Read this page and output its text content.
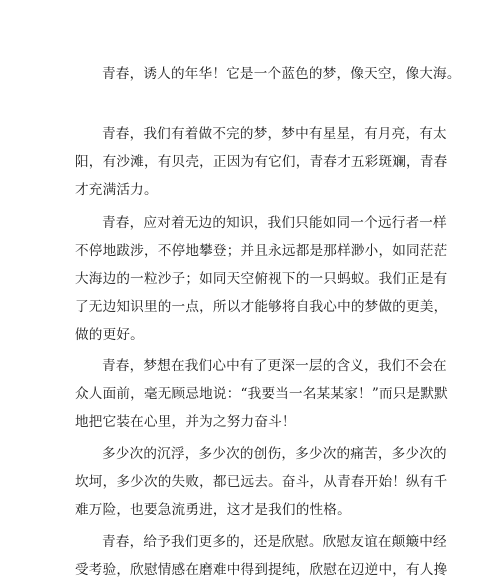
青春，诱人的年华！它是一个蓝色的梦，像天空，像大海。

青春，我们有着做不完的梦，梦中有星星，有月亮，有太
阳，有沙滩，有贝壳，正因为有它们，青春才五彩斑斓，青春
才充满活力。

青春，应对着无边的知识，我们只能如同一个远行者一样
不停地跋涉，不停地攀登；并且永远都是那样渺小，如同茫茫
大海边的一粒沙子；如同天空俯视下的一只蚂蚁。我们正是有
了无边知识里的一点，所以才能够将自我心中的梦做的更美，
做的更好。

青春，梦想在我们心中有了更深一层的含义，我们不会在
众人面前，毫无顾忌地说：“我要当一名某某家！”而只是默默
地把它装在心里，并为之努力奋斗！

多少次的沉浮，多少次的创伤，多少次的痛苦，多少次的
坎坷，多少次的失败，都已远去。奋斗，从青春开始！纵有千
难万险，也要急流勇进，这才是我们的性格。

青春，给予我们更多的，还是欣慰。欣慰友谊在颠簸中经
受考验，欣慰情感在磨难中得到提纯，欣慰在辺逆中，有人搀
